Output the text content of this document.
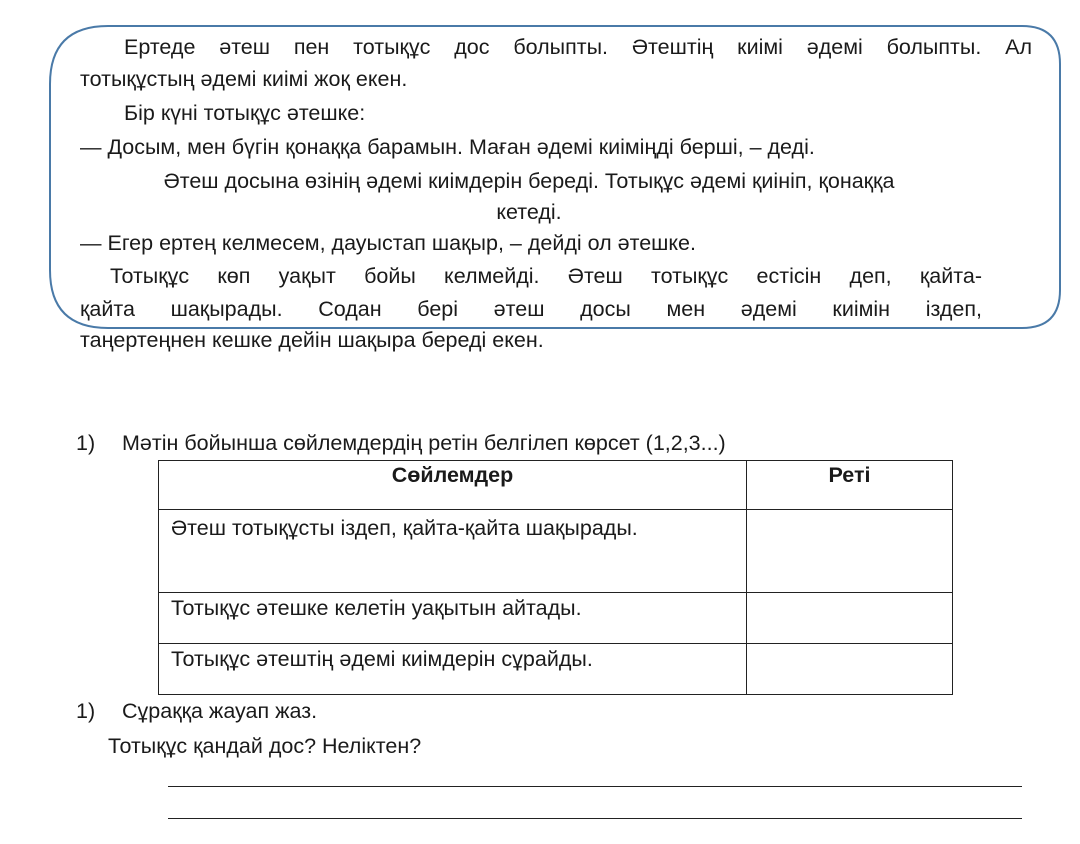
Ертеде әтеш пен тотықұс дос болыпты. Әтештің киімі әдемі болыпты. Ал
тотықұстың әдемі киімі жоқ екен.
Бір күні тотықұс әтешке:
— Досым, мен бүгін қонаққа барамын. Маған әдемі киіміңді берші, – деді.
Әтеш досына өзінің әдемі киімдерін береді. Тотықұс әдемі қиініп, қонаққа
кетеді.
— Егер ертең келмесем, дауыстап шақыр, – дейді ол әтешке.
Тотықұс көп уақыт бойы келмейді. Әтеш тотықұс естісін деп, қайта-
қайта шақырады. Содан бері әтеш досы мен әдемі киімін іздеп,
таңертеңнен кешке дейін шақыра береді екен.
1) Мәтін бойынша сөйлемдердің ретін белгілеп көрсет (1,2,3...)
Сөйлемдер	Реті
Әтеш тотықұсты іздеп, қайта-қайта шақырады.	
Тотықұс әтешке келетін уақытын айтады.	
Тотықұс әтештің әдемі киімдерін сұрайды.	
1) Сұраққа жауап жаз.
Тотықұс қандай дос? Неліктен?
